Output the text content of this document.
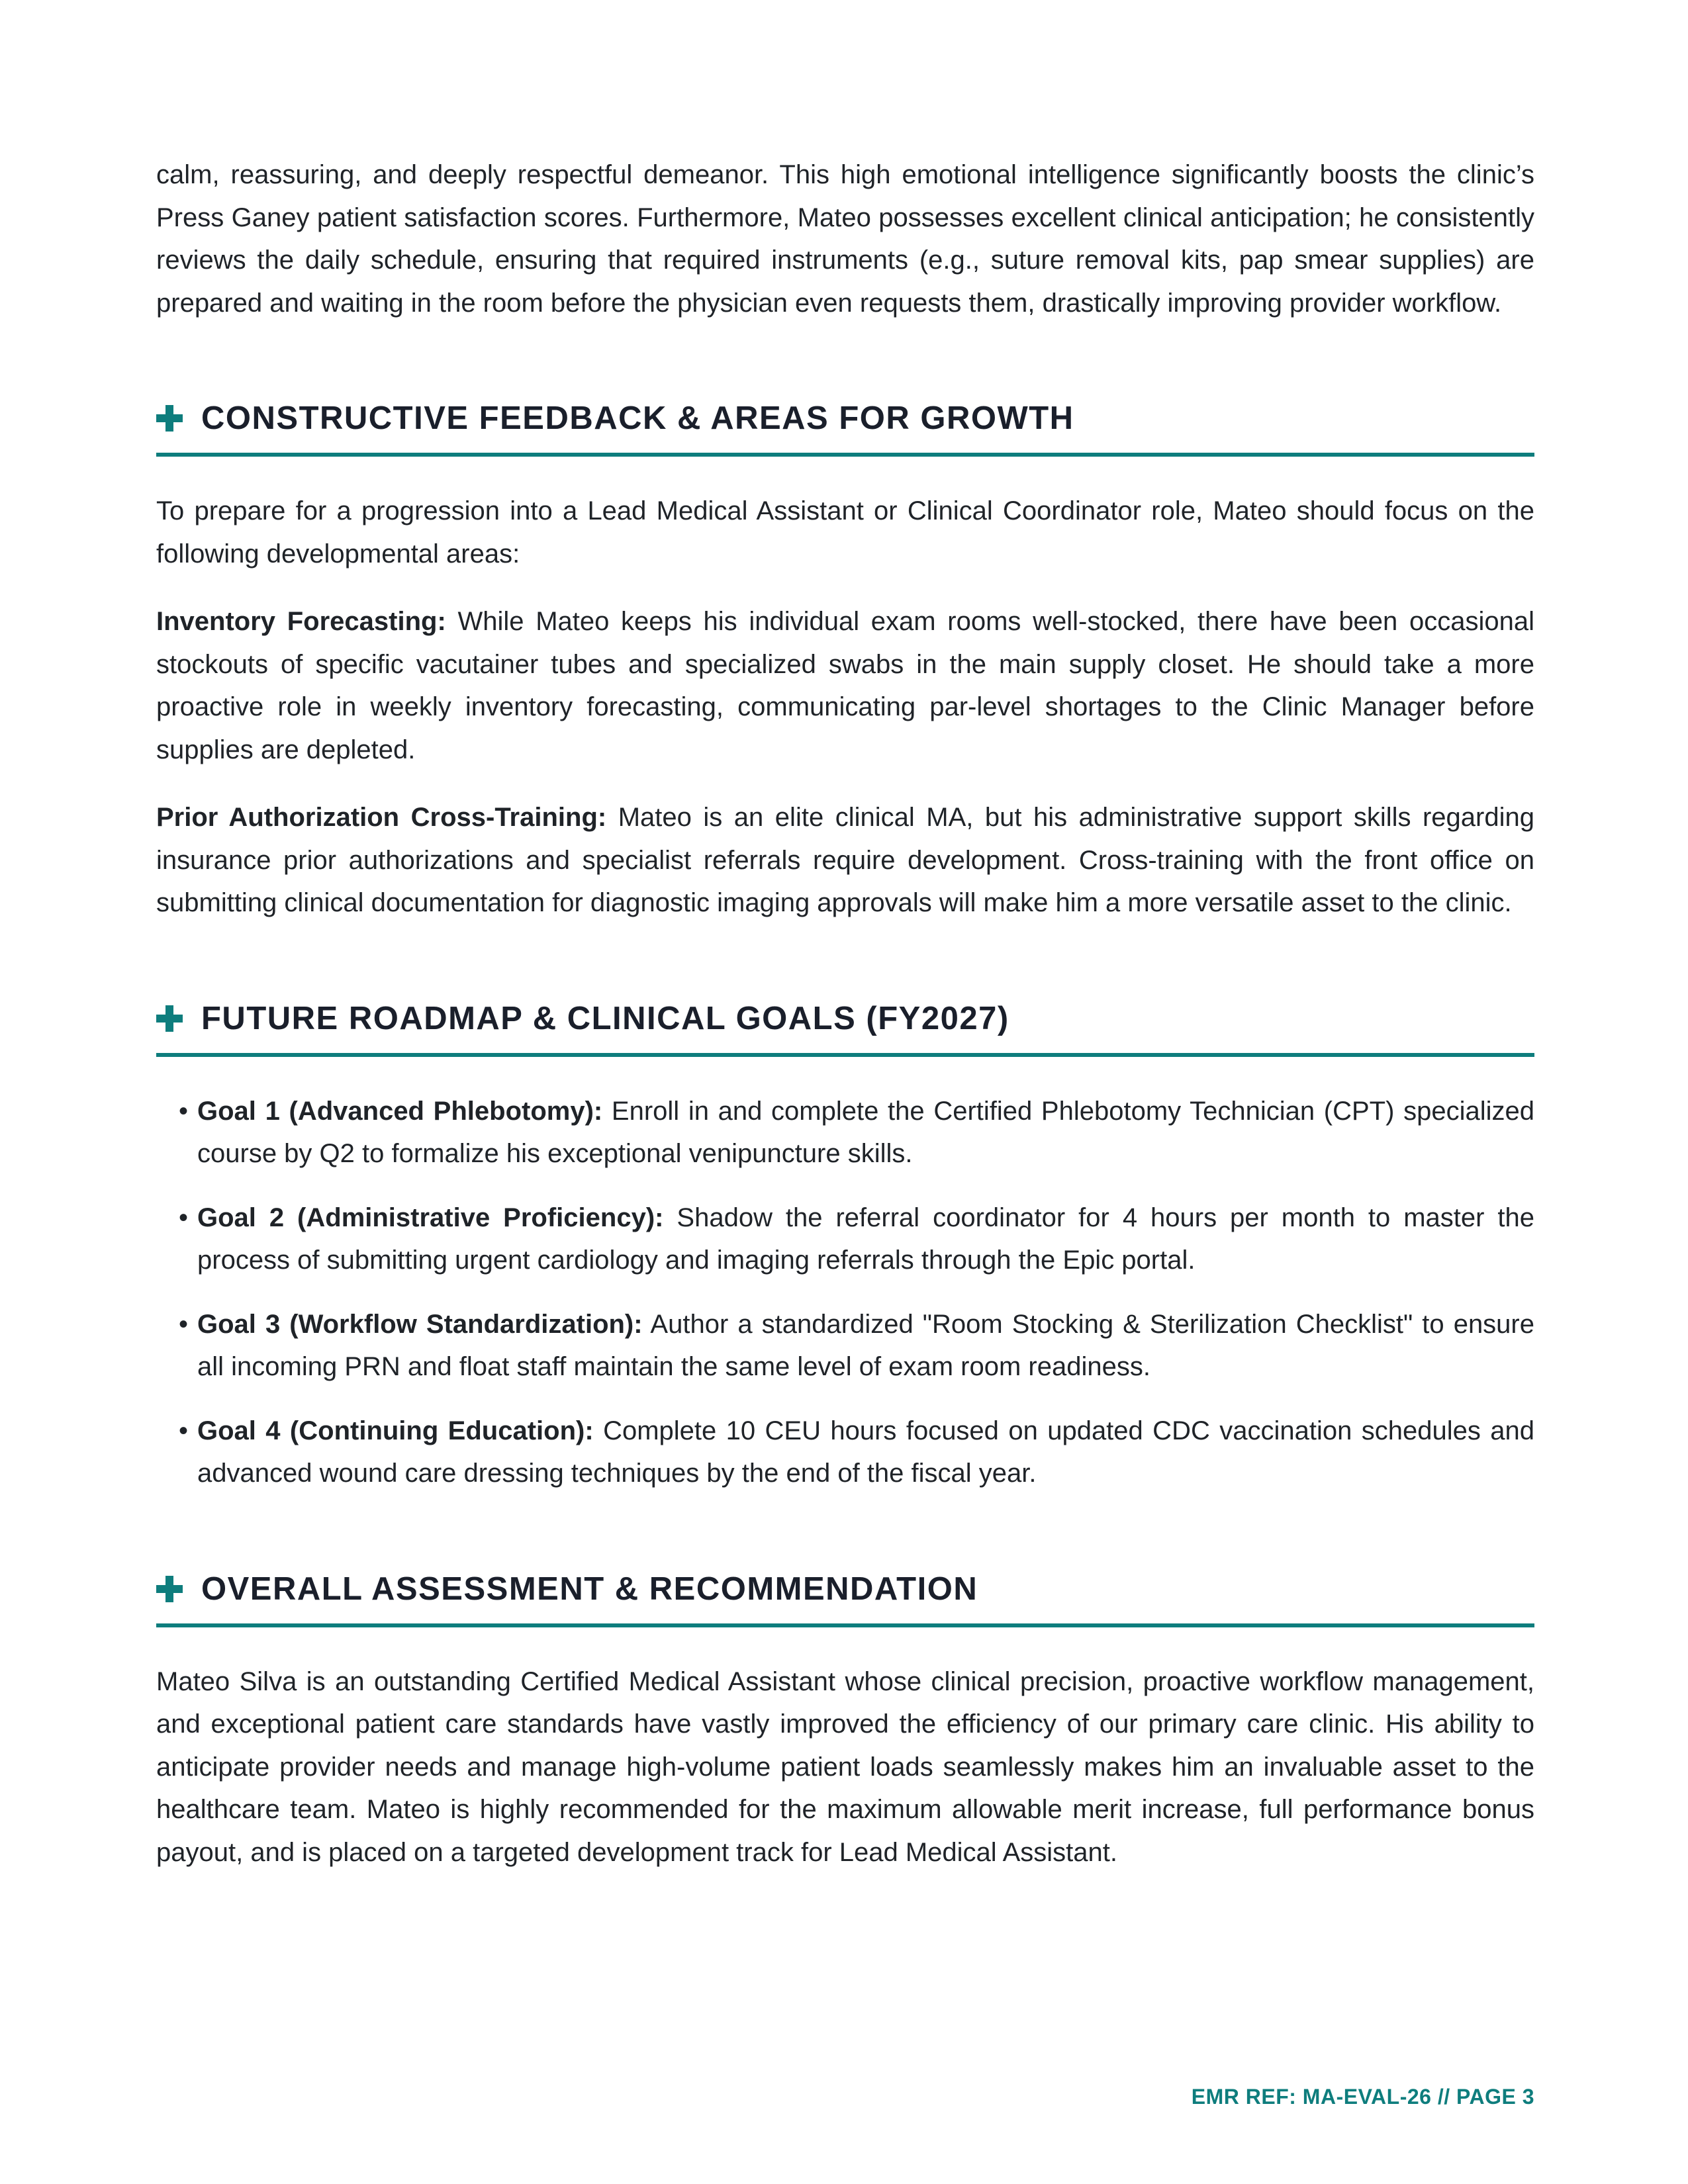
calm, reassuring, and deeply respectful demeanor. This high emotional intelligence significantly boosts the clinic’s Press Ganey patient satisfaction scores. Furthermore, Mateo possesses excellent clinical anticipation; he consistently reviews the daily schedule, ensuring that required instruments (e.g., suture removal kits, pap smear supplies) are prepared and waiting in the room before the physician even requests them, drastically improving provider workflow.

CONSTRUCTIVE FEEDBACK & AREAS FOR GROWTH

To prepare for a progression into a Lead Medical Assistant or Clinical Coordinator role, Mateo should focus on the following developmental areas:

Inventory Forecasting: While Mateo keeps his individual exam rooms well-stocked, there have been occasional stockouts of specific vacutainer tubes and specialized swabs in the main supply closet. He should take a more proactive role in weekly inventory forecasting, communicating par-level shortages to the Clinic Manager before supplies are depleted.

Prior Authorization Cross-Training: Mateo is an elite clinical MA, but his administrative support skills regarding insurance prior authorizations and specialist referrals require development. Cross-training with the front office on submitting clinical documentation for diagnostic imaging approvals will make him a more versatile asset to the clinic.

FUTURE ROADMAP & CLINICAL GOALS (FY2027)
• Goal 1 (Advanced Phlebotomy): Enroll in and complete the Certified Phlebotomy Technician (CPT) specialized course by Q2 to formalize his exceptional venipuncture skills.
• Goal 2 (Administrative Proficiency): Shadow the referral coordinator for 4 hours per month to master the process of submitting urgent cardiology and imaging referrals through the Epic portal.
• Goal 3 (Workflow Standardization): Author a standardized "Room Stocking & Sterilization Checklist" to ensure all incoming PRN and float staff maintain the same level of exam room readiness.
• Goal 4 (Continuing Education): Complete 10 CEU hours focused on updated CDC vaccination schedules and advanced wound care dressing techniques by the end of the fiscal year.
OVERALL ASSESSMENT & RECOMMENDATION

Mateo Silva is an outstanding Certified Medical Assistant whose clinical precision, proactive workflow management, and exceptional patient care standards have vastly improved the efficiency of our primary care clinic. His ability to anticipate provider needs and manage high-volume patient loads seamlessly makes him an invaluable asset to the healthcare team. Mateo is highly recommended for the maximum allowable merit increase, full performance bonus payout, and is placed on a targeted development track for Lead Medical Assistant.

EMR REF: MA-EVAL-26 // PAGE 3
